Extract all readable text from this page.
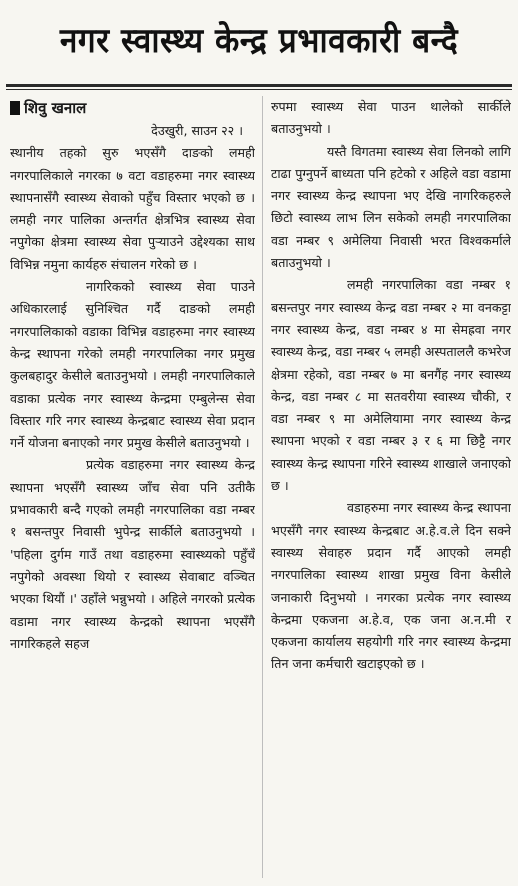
नगर स्वास्थ्य केन्द्र प्रभावकारी बन्दै
शिवु खनाल

देउखुरी, साउन २२ ।

स्थानीय तहको सुरु भएसँगै दाङको लमही नगरपालिकाले नगरका ७ वटा वडाहरुमा नगर स्वास्थ्य स्थापनासँगै स्वास्थ्य सेवाको पहुँच विस्तार भएको छ । लमही नगर पालिका अन्तर्गत क्षेत्रभित्र स्वास्थ्य सेवा नपुगेका क्षेत्रमा स्वास्थ्य सेवा पुऱ्याउने उद्देश्यका साथ विभिन्न नमुना कार्यहरु संचालन गरेको छ ।

नागरिकको स्वास्थ्य सेवा पाउने अधिकारलाई सुनिश्चित गर्दै दाङको लमही नगरपालिकाको वडाका विभिन्न वडाहरुमा नगर स्वास्थ्य केन्द्र स्थापना गरेको लमही नगरपालिका नगर प्रमुख कुलबहादुर केसीले बताउनुभयो । लमही नगरपालिकाले वडाका प्रत्येक नगर स्वास्थ्य केन्द्रमा एम्बुलेन्स सेवा विस्तार गरि नगर स्वास्थ्य केन्द्रबाट स्वास्थ्य सेवा प्रदान गर्ने योजना बनाएको नगर प्रमुख केसीले बताउनुभयो ।

प्रत्येक वडाहरुमा नगर स्वास्थ्य केन्द्र स्थापना भएसँगै स्वास्थ्य जाँच सेवा पनि उतीकै प्रभावकारी बन्दै गएको लमही नगरपालिका वडा नम्बर १ बसन्तपुर निवासी भुपेन्द्र सार्कीले बताउनुभयो । 'पहिला दुर्गम गाउँ तथा वडाहरुमा स्वास्थ्यको पहुँचँ नपुगेको अवस्था थियो र स्वास्थ्य सेवाबाट वञ्चित भएका थियौं ।' उहाँले भन्नुभयो । अहिले नगरको प्रत्येक वडामा नगर स्वास्थ्य केन्द्रको स्थापना भएसँगै नागरिकहले सहज

रुपमा स्वास्थ्य सेवा पाउन थालेको सार्कीले बताउनुभयो ।

यस्तै विगतमा स्वास्थ्य सेवा लिनको लागि टाढा पुग्नुपर्ने बाध्यता पनि हटेको र अहिले वडा वडामा नगर स्वास्थ्य केन्द्र स्थापना भए देखि नागरिकहरुले छिटो स्वास्थ्य लाभ लिन सकेको लमही नगरपालिका वडा नम्बर ९ अमेलिया निवासी भरत विश्वकर्माले बताउनुभयो ।

लमही नगरपालिका वडा नम्बर १ बसन्तपुर नगर स्वास्थ्य केन्द्र वडा नम्बर २ मा वनकट्टा नगर स्वास्थ्य केन्द्र, वडा नम्बर ४ मा सेमह्रवा नगर स्वास्थ्य केन्द्र, वडा नम्बर ५ लमही अस्पताललै कभरेज क्षेत्रमा रहेको, वडा नम्बर ७ मा बनगैंह नगर स्वास्थ्य केन्द्र, वडा नम्बर ८ मा सतवरीया स्वास्थ्य चौकी, र वडा नम्बर ९ मा अमेलियामा नगर स्वास्थ्य केन्द्र स्थापना भएको र वडा नम्बर ३ र ६ मा छिट्टै नगर स्वास्थ्य केन्द्र स्थापना गरिने स्वास्थ्य शाखाले जनाएको छ ।

वडाहरुमा नगर स्वास्थ्य केन्द्र स्थापना भएसँगै नगर स्वास्थ्य केन्द्रबाट अ.हे.व.ले दिन सक्ने स्वास्थ्य सेवाहरु प्रदान गर्दै आएको लमही नगरपालिका स्वास्थ्य शाखा प्रमुख विना केसीले जनाकारी दिनुभयो । नगरका प्रत्येक नगर स्वास्थ्य केन्द्रमा एकजना अ.हे.व, एक जना अ.न.मी र एकजना कार्यालय सहयोगी गरि नगर स्वास्थ्य केन्द्रमा तिन जना कर्मचारी खटाइएको छ ।
